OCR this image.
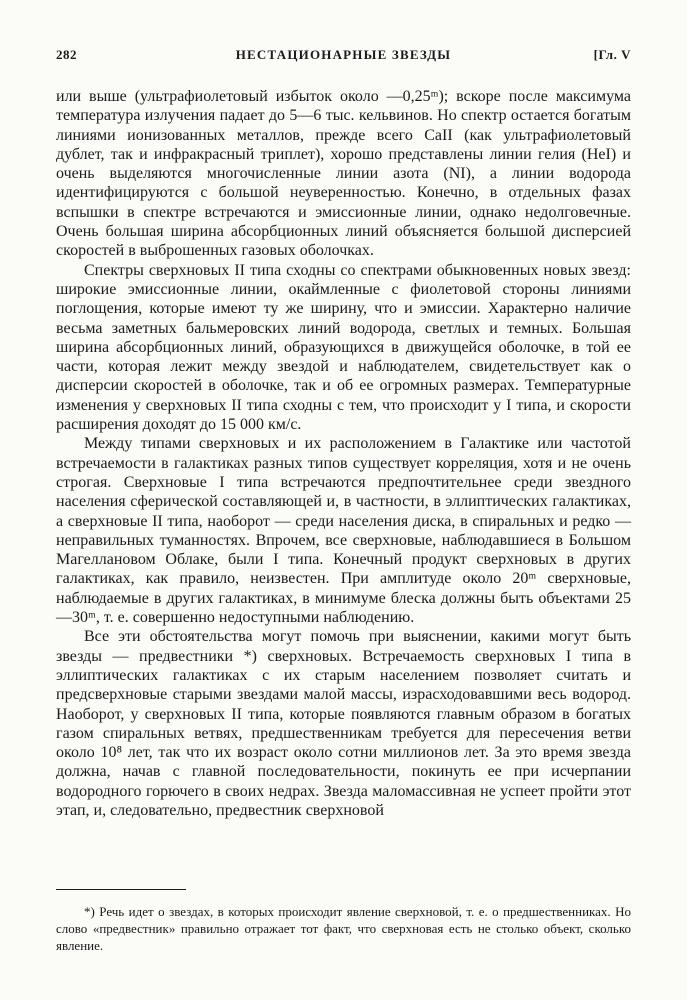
282	НЕСТАЦИОНАРНЫЕ ЗВЕЗДЫ	[Гл. V

или выше (ультрафиолетовый избыток около —0,25ᵐ); вскоре после максимума температура излучения падает до 5—6 тыс. кельвинов. Но спектр остается богатым линиями ионизованных металлов, прежде всего CaII (как ультрафиолетовый дублет, так и инфракрасный триплет), хорошо представлены линии гелия (HeI) и очень выделяются многочисленные линии азота (NI), а линии водорода идентифицируются с большой неуверенностью. Конечно, в отдельных фазах вспышки в спектре встречаются и эмиссионные линии, однако недолговечные. Очень большая ширина абсорбционных линий объясняется большой дисперсией скоростей в выброшенных газовых оболочках.

Спектры сверхновых II типа сходны со спектрами обыкновенных новых звезд: широкие эмиссионные линии, окаймленные с фиолетовой стороны линиями поглощения, которые имеют ту же ширину, что и эмиссии. Характерно наличие весьма заметных бальмеровских линий водорода, светлых и темных. Большая ширина абсорбционных линий, образующихся в движущейся оболочке, в той ее части, которая лежит между звездой и наблюдателем, свидетельствует как о дисперсии скоростей в оболочке, так и об ее огромных размерах. Температурные изменения у сверхновых II типа сходны с тем, что происходит у I типа, и скорости расширения доходят до 15 000 км/с.

Между типами сверхновых и их расположением в Галактике или частотой встречаемости в галактиках разных типов существует корреляция, хотя и не очень строгая. Сверхновые I типа встречаются предпочтительнее среди звездного населения сферической составляющей и, в частности, в эллиптических галактиках, а сверхновые II типа, наоборот — среди населения диска, в спиральных и редко — неправильных туманностях. Впрочем, все сверхновые, наблюдавшиеся в Большом Магеллановом Облаке, были I типа. Конечный продукт сверхновых в других галактиках, как правило, неизвестен. При амплитуде около 20ᵐ сверхновые, наблюдаемые в других галактиках, в минимуме блеска должны быть объектами 25—30ᵐ, т. е. совершенно недоступными наблюдению.

Все эти обстоятельства могут помочь при выяснении, какими могут быть звезды — предвестники *) сверхновых. Встречаемость сверхновых I типа в эллиптических галактиках с их старым населением позволяет считать и предсверхновые старыми звездами малой массы, израсходовавшими весь водород. Наоборот, у сверхновых II типа, которые появляются главным образом в богатых газом спиральных ветвях, предшественникам требуется для пересечения ветви около 10⁸ лет, так что их возраст около сотни миллионов лет. За это время звезда должна, начав с главной последовательности, покинуть ее при исчерпании водородного горючего в своих недрах. Звезда маломассивная не успеет пройти этот этап, и, следовательно, предвестник сверхновой

*) Речь идет о звездах, в которых происходит явление сверхновой, т. е. о предшественниках. Но слово «предвестник» правильно отражает тот факт, что сверхновая есть не столько объект, сколько явление.
